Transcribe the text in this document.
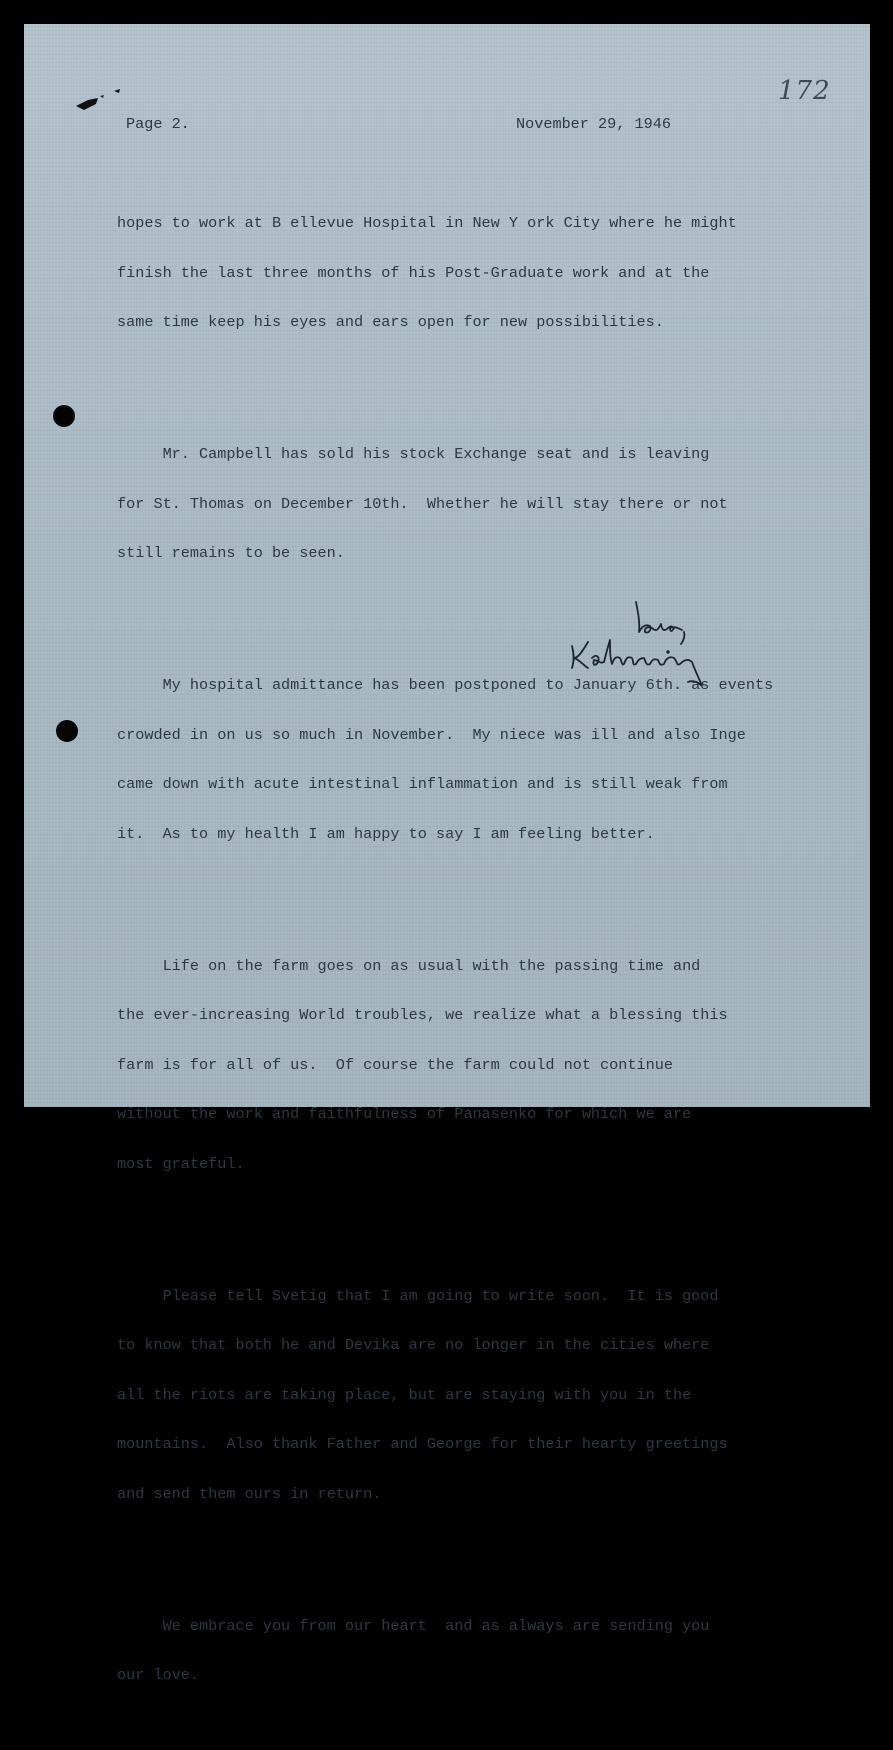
172
Page 2.	November 29, 1946

hopes to work at B ellevue Hospital in New Y ork City where he might

finish the last three months of his Post-Graduate work and at the

same time keep his eyes and ears open for new possibilities.

Mr. Campbell has sold his stock Exchange seat and is leaving

for St. Thomas on December 10th.  Whether he will stay there or not

still remains to be seen.

My hospital admittance has been postponed to January 6th. as events

crowded in on us so much in November.  My niece was ill and also Inge

came down with acute intestinal inflammation and is still weak from

it.  As to my health I am happy to say I am feeling better.

Life on the farm goes on as usual with the passing time and

the ever-increasing World troubles, we realize what a blessing this

farm is for all of us.  Of course the farm could not continue

without the work and faithfulness of Panasenko for which we are

most grateful.

Please tell Svetig that I am going to write soon.  It is good

to know that both he and Devika are no longer in the cities where

all the riots are taking place, but are staying with you in the

mountains.  Also thank Father and George for their hearty greetings

and send them ours in return.

We embrace you from our heart  and as always are sending you

our love.
